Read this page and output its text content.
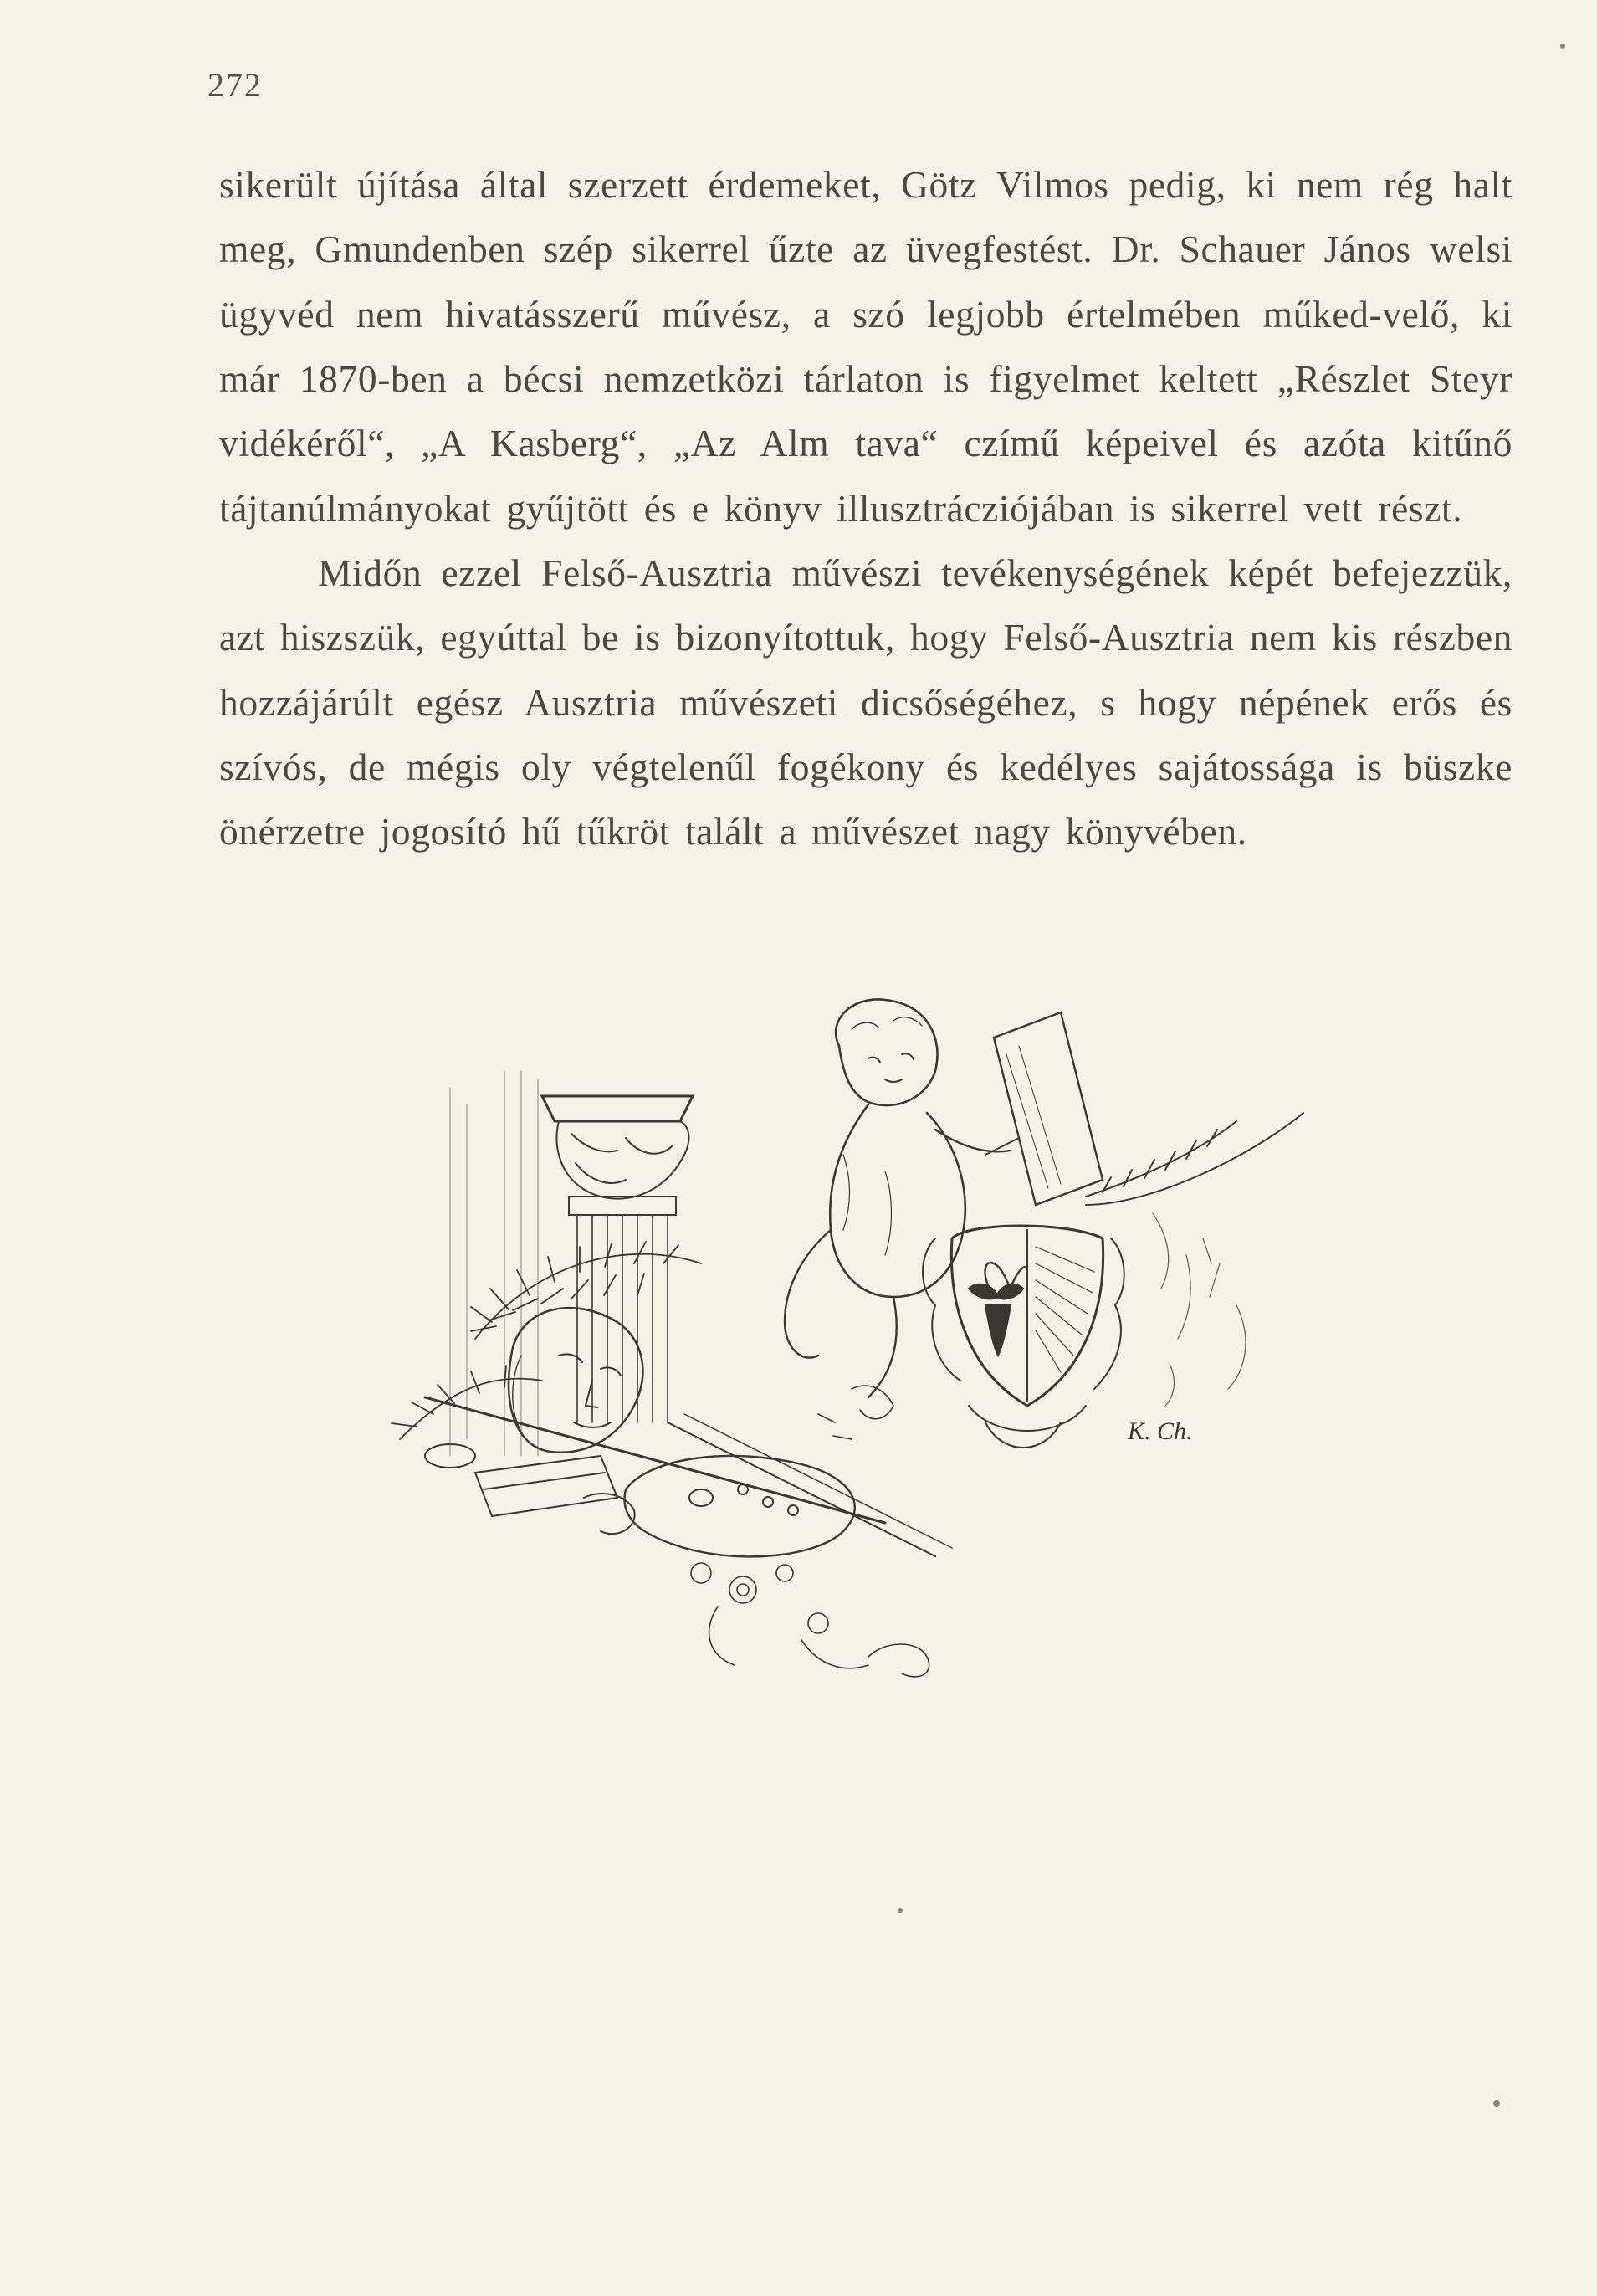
272

sikerült újítása által szerzett érdemeket, Götz Vilmos pedig, ki nem rég halt meg, Gmundenben szép sikerrel űzte az üvegfestést. Dr. Schauer János welsi ügyvéd nem hivatásszerű művész, a szó legjobb értelmében műked-velő, ki már 1870-ben a bécsi nemzetközi tárlaton is figyelmet keltett „Részlet Steyr vidékéről“, „A Kasberg“, „Az Alm tava“ czímű képeivel és azóta kitűnő tájtanúlmányokat gyűjtött és e könyv illusztrácziójában is sikerrel vett részt.

Midőn ezzel Felső-Ausztria művészi tevékenységének képét befejezzük, azt hiszszük, egyúttal be is bizonyítottuk, hogy Felső-Ausztria nem kis részben hozzájárúlt egész Ausztria művészeti dicsőségéhez, s hogy népének erős és szívós, de mégis oly végtelenűl fogékony és kedélyes sajátossága is büszke önérzetre jogosító hű tűkröt talált a művészet nagy könyvében.

K. Ch.
